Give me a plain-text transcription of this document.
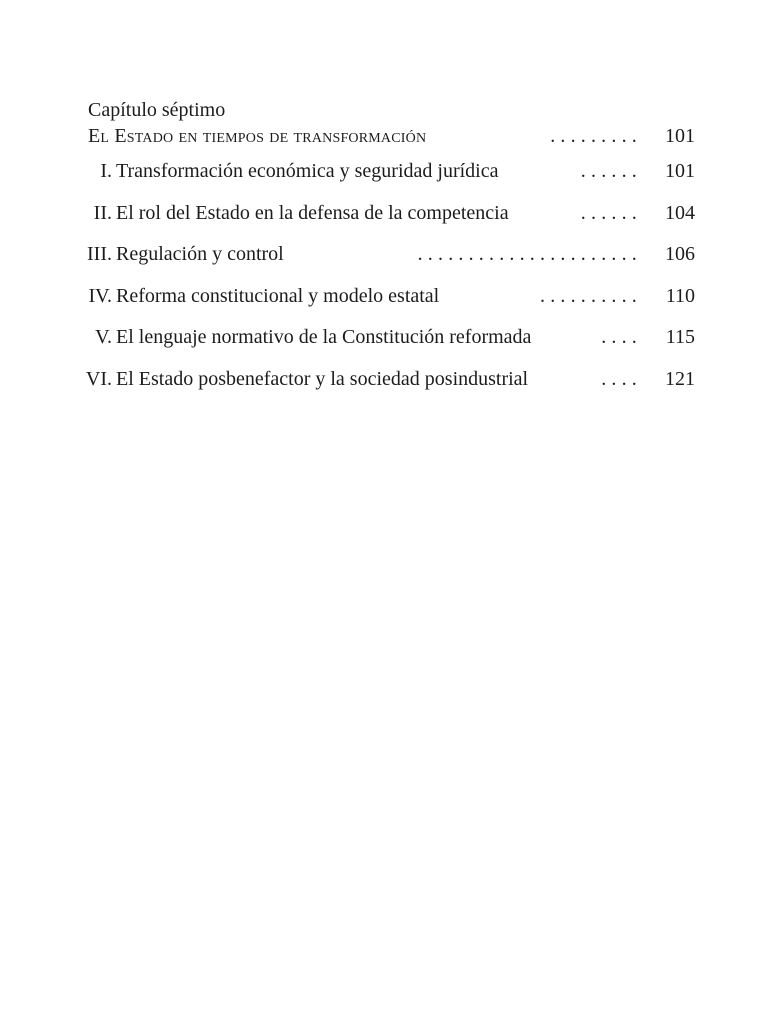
Capítulo séptimo
El Estado en tiempos de transformación	......... 101
I. Transformación económica y seguridad jurídica	...... 101
II. El rol del Estado en la defensa de la competencia	...... 104
III. Regulación y control	...................... 106
IV. Reforma constitucional y modelo estatal	.......... 110
V. El lenguaje normativo de la Constitución reformada	.... 115
VI. El Estado posbenefactor y la sociedad posindustrial	.... 121
